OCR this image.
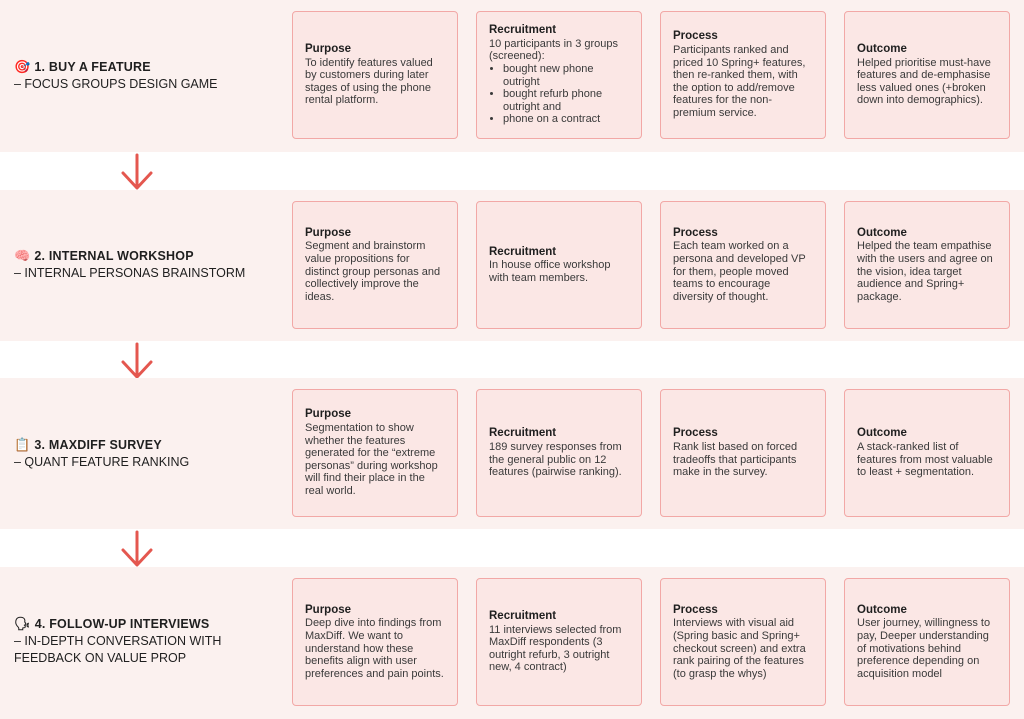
🎯 1. BUY A FEATURE
– FOCUS GROUPS DESIGN GAME
Purpose
To identify features valued by customers during later stages of using the phone rental platform.
Recruitment
10 participants in 3 groups (screened):
• bought new phone outright
• bought refurb phone outright and
• phone on a contract
Process
Participants ranked and priced 10 Spring+ features, then re-ranked them, with the option to add/remove features for the non-premium service.
Outcome
Helped prioritise must-have features and de-emphasise less valued ones (+broken down into demographics).
🧠 2. INTERNAL WORKSHOP
– INTERNAL PERSONAS BRAINSTORM
Purpose
Segment and brainstorm value propositions for distinct group personas and collectively improve the ideas.
Recruitment
In house office workshop with team members.
Process
Each team worked on a persona and developed VP for them, people moved teams to encourage diversity of thought.
Outcome
Helped the team empathise with the users and agree on the vision, idea target audience and Spring+ package.
📋 3. MAXDIFF SURVEY
– QUANT FEATURE RANKING
Purpose
Segmentation to show whether the features generated for the “extreme personas” during workshop will find their place in the real world.
Recruitment
189 survey responses from the general public on 12 features (pairwise ranking).
Process
Rank list based on forced tradeoffs that participants make in the survey.
Outcome
A stack-ranked list of features from most valuable to least + segmentation.
🗣 4. FOLLOW-UP INTERVIEWS
– IN-DEPTH CONVERSATION WITH FEEDBACK ON VALUE PROP
Purpose
Deep dive into findings from MaxDiff. We want to understand how these benefits align with user preferences and pain points.
Recruitment
11 interviews selected from MaxDiff respondents (3 outright refurb, 3 outright new, 4 contract)
Process
Interviews with visual aid (Spring basic and Spring+ checkout screen) and extra rank pairing of the features (to grasp the whys)
Outcome
User journey, willingness to pay, Deeper understanding of motivations behind preference depending on acquisition model
